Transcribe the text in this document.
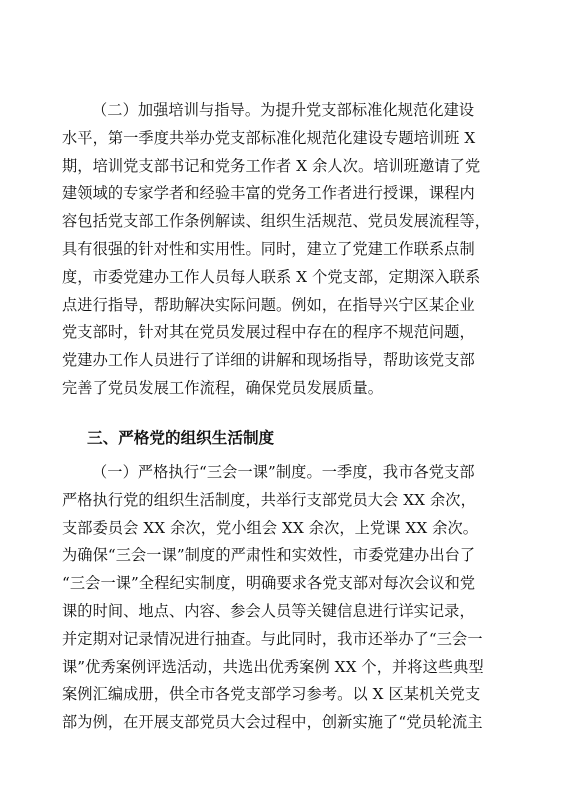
（二）加强培训与指导。为提升党支部标准化规范化建设
水平，第一季度共举办党支部标准化规范化建设专题培训班 X
期，培训党支部书记和党务工作者 X 余人次。培训班邀请了党
建领域的专家学者和经验丰富的党务工作者进行授课，课程内
容包括党支部工作条例解读、组织生活规范、党员发展流程等，
具有很强的针对性和实用性。同时，建立了党建工作联系点制
度，市委党建办工作人员每人联系 X 个党支部，定期深入联系
点进行指导，帮助解决实际问题。例如，在指导兴宁区某企业
党支部时，针对其在党员发展过程中存在的程序不规范问题，
党建办工作人员进行了详细的讲解和现场指导，帮助该党支部
完善了党员发展工作流程，确保党员发展质量。
三、严格党的组织生活制度
（一）严格执行“三会一课”制度。一季度，我市各党支部
严格执行党的组织生活制度，共举行支部党员大会 XX 余次，
支部委员会 XX 余次，党小组会 XX 余次，上党课 XX 余次。
为确保“三会一课”制度的严肃性和实效性，市委党建办出台了
“三会一课”全程纪实制度，明确要求各党支部对每次会议和党
课的时间、地点、内容、参会人员等关键信息进行详实记录，
并定期对记录情况进行抽查。与此同时，我市还举办了“三会一
课”优秀案例评选活动，共选出优秀案例 XX 个，并将这些典型
案例汇编成册，供全市各党支部学习参考。以 X 区某机关党支
部为例，在开展支部党员大会过程中，创新实施了“党员轮流主
